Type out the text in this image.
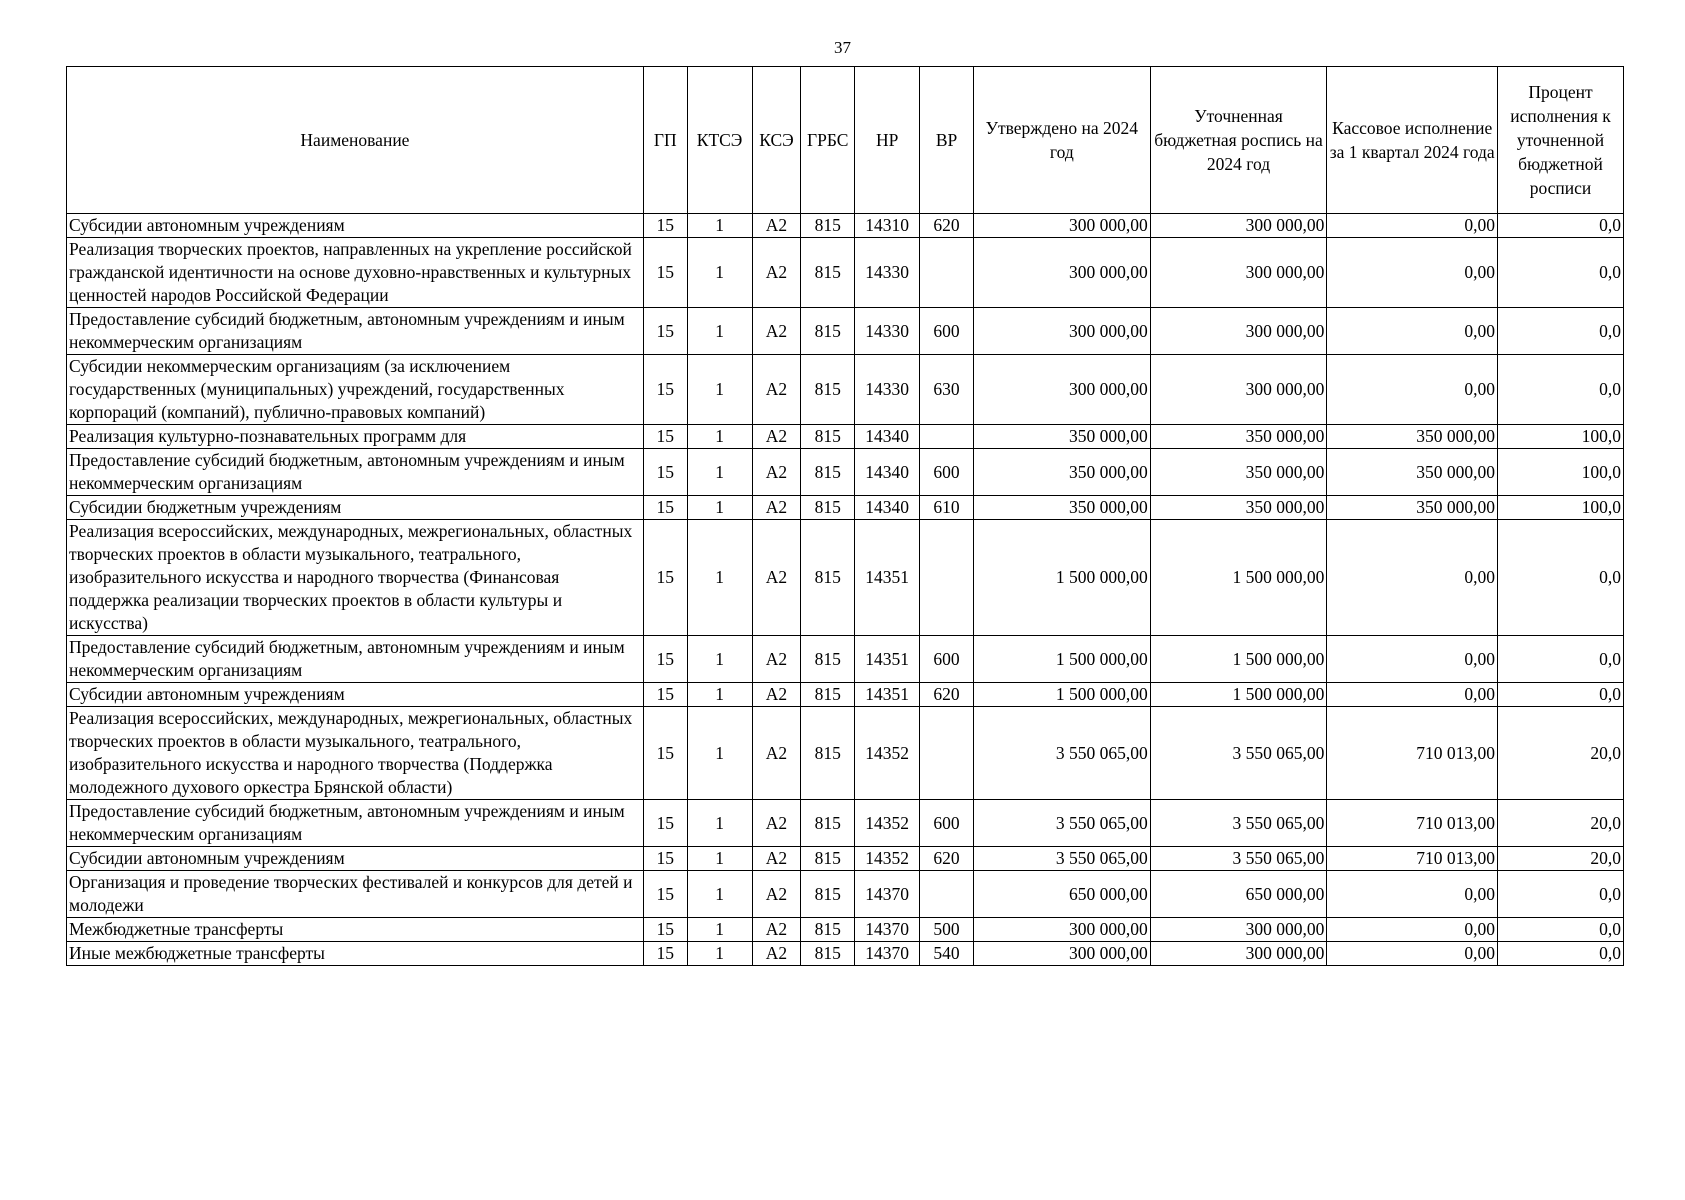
37
Наименование	ГП	КТСЭ	КСЭ	ГРБС	НР	ВР	Утверждено на 2024 год	Уточненная бюджетная роспись на 2024 год	Кассовое исполнение за 1 квартал 2024 года	Процент исполнения к уточненной бюджетной росписи
Субсидии автономным учреждениям	15	1	А2	815	14310	620	300 000,00	300 000,00	0,00	0,0
Реализация творческих проектов, направленных на укрепление российской гражданской идентичности на основе духовно-нравственных и культурных ценностей народов Российской Федерации	15	1	А2	815	14330		300 000,00	300 000,00	0,00	0,0
Предоставление субсидий бюджетным, автономным учреждениям и иным некоммерческим организациям	15	1	А2	815	14330	600	300 000,00	300 000,00	0,00	0,0
Субсидии некоммерческим организациям (за исключением государственных (муниципальных) учреждений, государственных корпораций (компаний), публично-правовых компаний)	15	1	А2	815	14330	630	300 000,00	300 000,00	0,00	0,0
Реализация культурно-познавательных программ для	15	1	А2	815	14340		350 000,00	350 000,00	350 000,00	100,0
Предоставление субсидий бюджетным, автономным учреждениям и иным некоммерческим организациям	15	1	А2	815	14340	600	350 000,00	350 000,00	350 000,00	100,0
Субсидии бюджетным учреждениям	15	1	А2	815	14340	610	350 000,00	350 000,00	350 000,00	100,0
Реализация всероссийских, международных, межрегиональных, областных творческих проектов в области музыкального, театрального, изобразительного искусства и народного творчества (Финансовая поддержка реализации творческих проектов в области культуры и искусства)	15	1	А2	815	14351		1 500 000,00	1 500 000,00	0,00	0,0
Предоставление субсидий бюджетным, автономным учреждениям и иным некоммерческим организациям	15	1	А2	815	14351	600	1 500 000,00	1 500 000,00	0,00	0,0
Субсидии автономным учреждениям	15	1	А2	815	14351	620	1 500 000,00	1 500 000,00	0,00	0,0
Реализация всероссийских, международных, межрегиональных, областных творческих проектов в области музыкального, театрального, изобразительного искусства и народного творчества (Поддержка молодежного духового оркестра Брянской области)	15	1	А2	815	14352		3 550 065,00	3 550 065,00	710 013,00	20,0
Предоставление субсидий бюджетным, автономным учреждениям и иным некоммерческим организациям	15	1	А2	815	14352	600	3 550 065,00	3 550 065,00	710 013,00	20,0
Субсидии автономным учреждениям	15	1	А2	815	14352	620	3 550 065,00	3 550 065,00	710 013,00	20,0
Организация и проведение творческих фестивалей и конкурсов для детей и молодежи	15	1	А2	815	14370		650 000,00	650 000,00	0,00	0,0
Межбюджетные трансферты	15	1	А2	815	14370	500	300 000,00	300 000,00	0,00	0,0
Иные межбюджетные трансферты	15	1	А2	815	14370	540	300 000,00	300 000,00	0,00	0,0
